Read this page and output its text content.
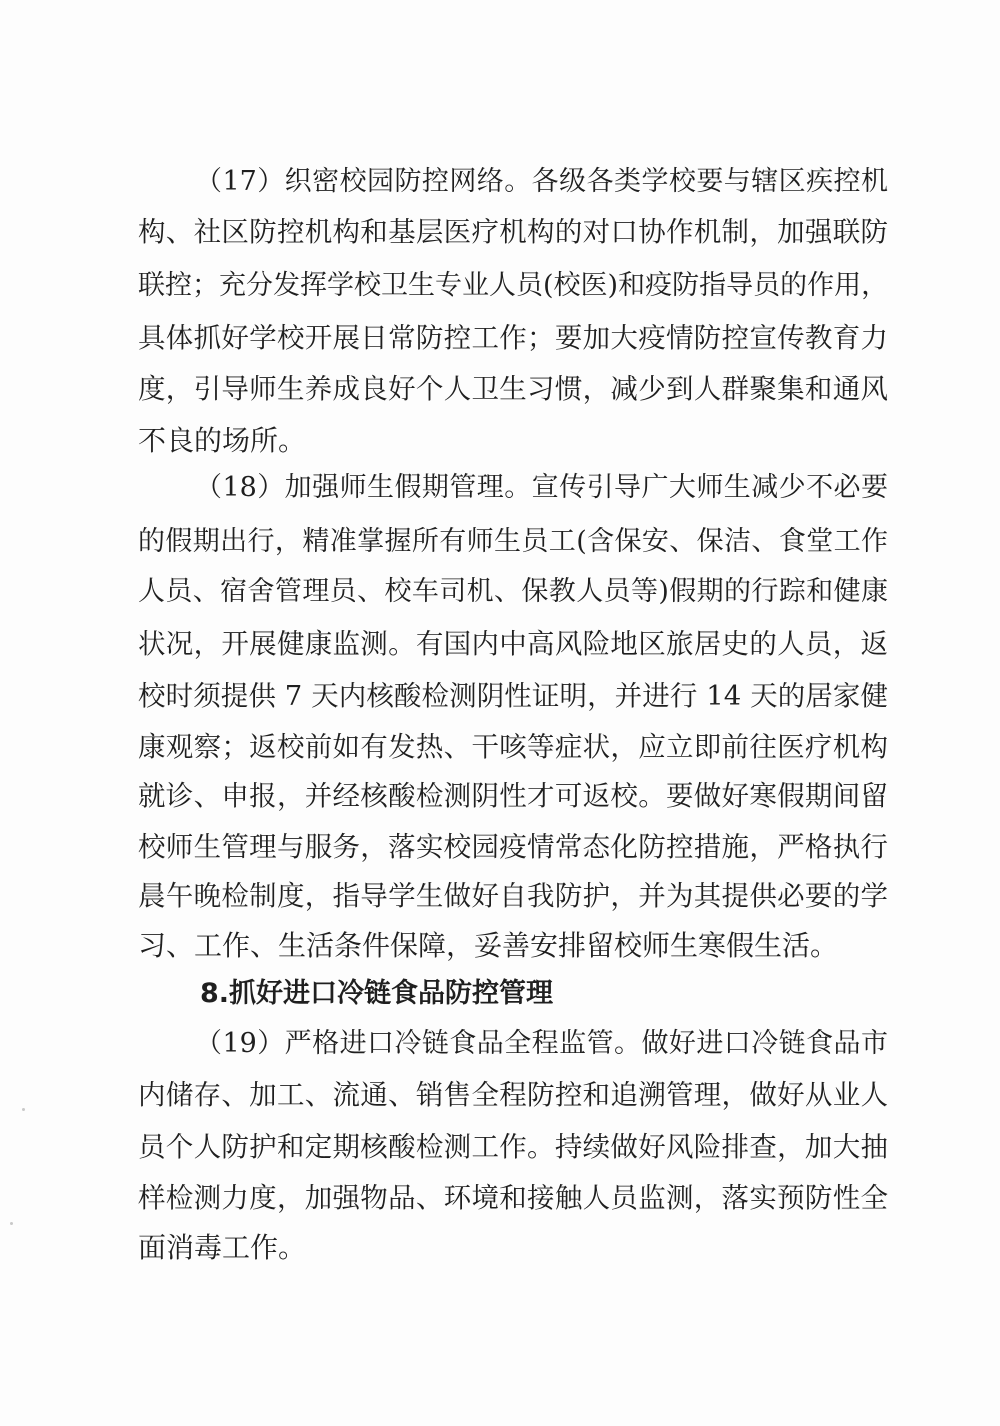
（17）织密校园防控网络。各级各类学校要与辖区疾控机
构、社区防控机构和基层医疗机构的对口协作机制，加强联防
联控；充分发挥学校卫生专业人员(校医)和疫防指导员的作用，
具体抓好学校开展日常防控工作；要加大疫情防控宣传教育力
度，引导师生养成良好个人卫生习惯，减少到人群聚集和通风
不良的场所。
（18）加强师生假期管理。宣传引导广大师生减少不必要
的假期出行，精准掌握所有师生员工(含保安、保洁、食堂工作
人员、宿舍管理员、校车司机、保教人员等)假期的行踪和健康
状况，开展健康监测。有国内中高风险地区旅居史的人员，返
校时须提供 7 天内核酸检测阴性证明，并进行 14 天的居家健
康观察；返校前如有发热、干咳等症状，应立即前往医疗机构
就诊、申报，并经核酸检测阴性才可返校。要做好寒假期间留
校师生管理与服务，落实校园疫情常态化防控措施，严格执行
晨午晚检制度，指导学生做好自我防护，并为其提供必要的学
习、工作、生活条件保障，妥善安排留校师生寒假生活。
8.抓好进口冷链食品防控管理
（19）严格进口冷链食品全程监管。做好进口冷链食品市
内储存、加工、流通、销售全程防控和追溯管理，做好从业人
员个人防护和定期核酸检测工作。持续做好风险排查，加大抽
样检测力度，加强物品、环境和接触人员监测，落实预防性全
面消毒工作。
